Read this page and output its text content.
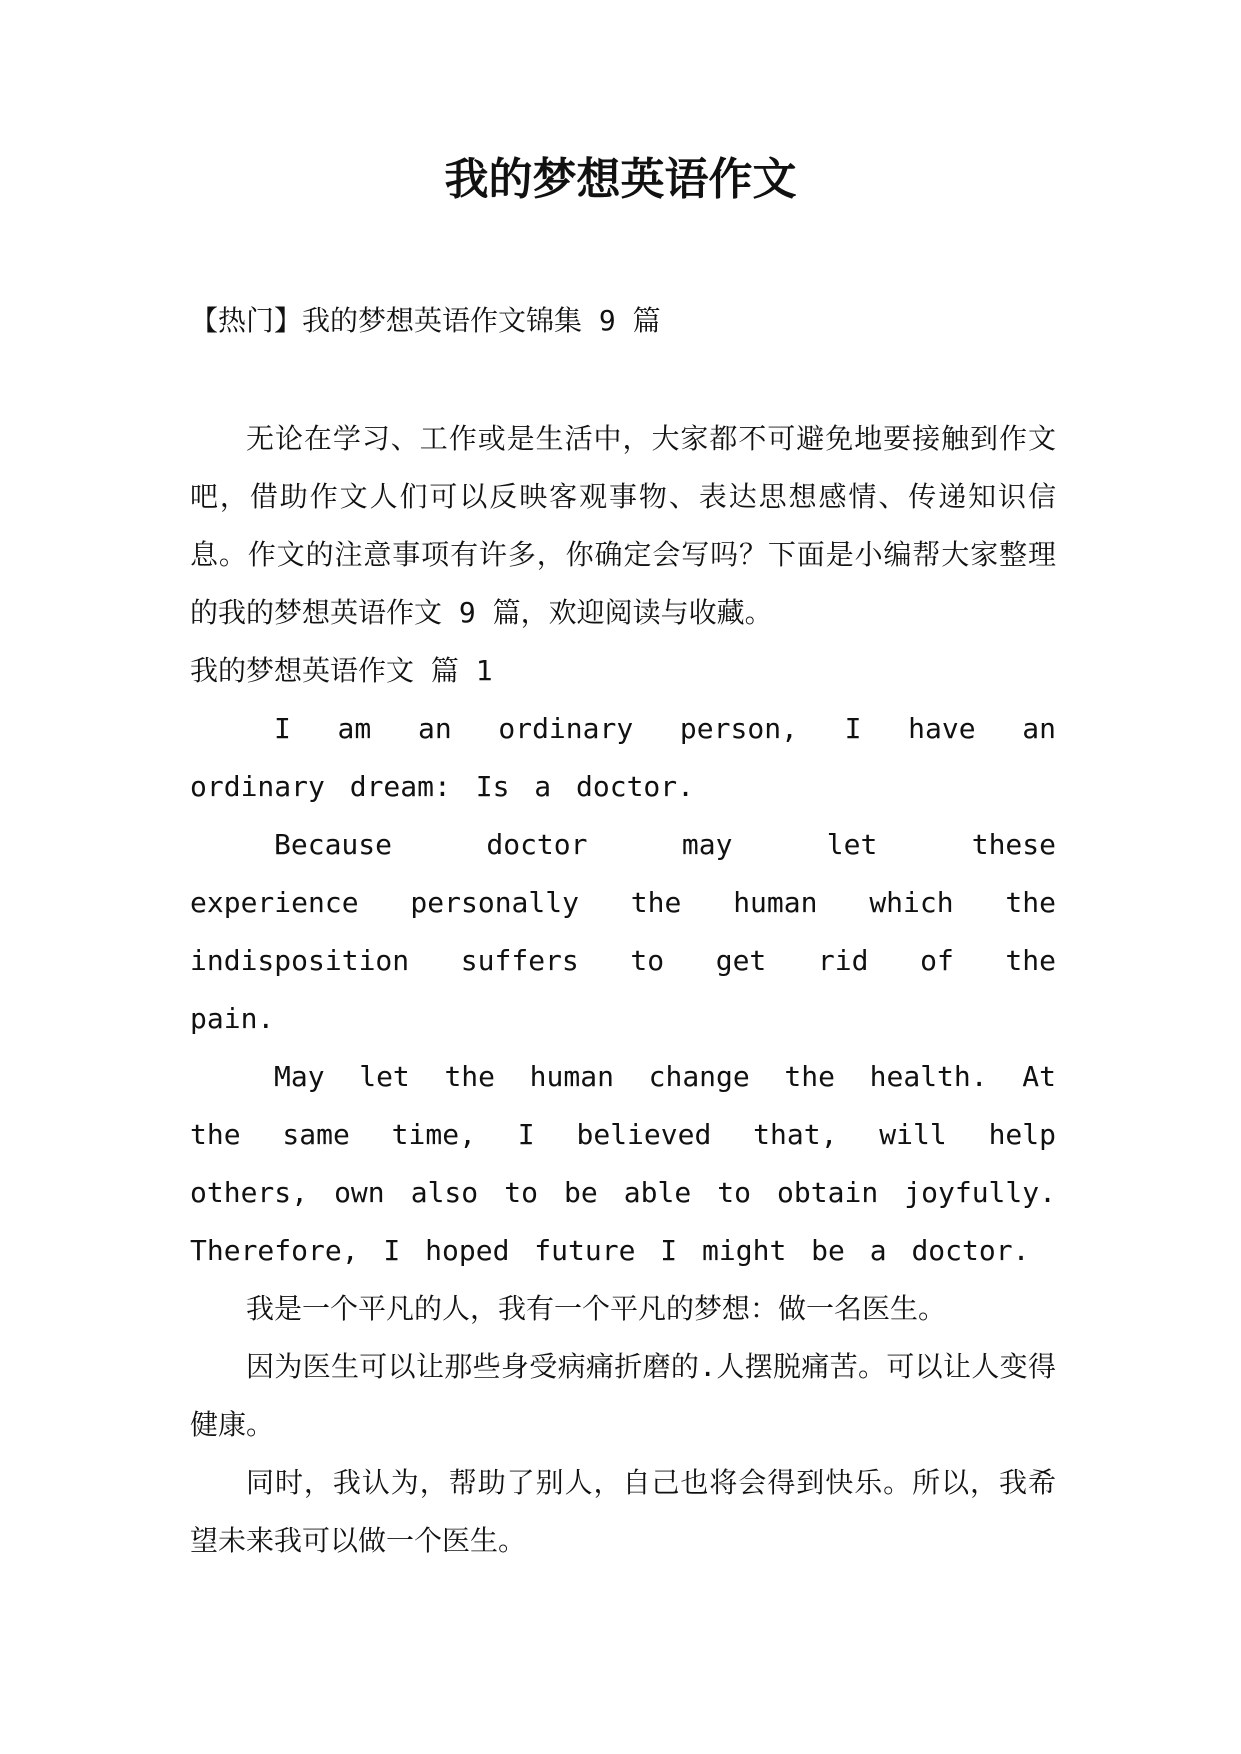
我的梦想英语作文

【热门】我的梦想英语作文锦集 9 篇

无论在学习、工作或是生活中，大家都不可避免地要接触到作文吧，借助作文人们可以反映客观事物、表达思想感情、传递知识信息。作文的注意事项有许多，你确定会写吗？下面是小编帮大家整理的我的梦想英语作文 9 篇，欢迎阅读与收藏。

我的梦想英语作文 篇 1

I am an ordinary person, I have an ordinary dream: Is a doctor.

Because doctor may let these experience personally the human which the indisposition suffers to get rid of the pain.

May let the human change the health. At the same time, I believed that, will help others, own also to be able to obtain joyfully. Therefore, I hoped future I might be a doctor.

我是一个平凡的人，我有一个平凡的梦想：做一名医生。

因为医生可以让那些身受病痛折磨的.人摆脱痛苦。可以让人变得健康。

同时，我认为，帮助了别人，自己也将会得到快乐。所以，我希望未来我可以做一个医生。
